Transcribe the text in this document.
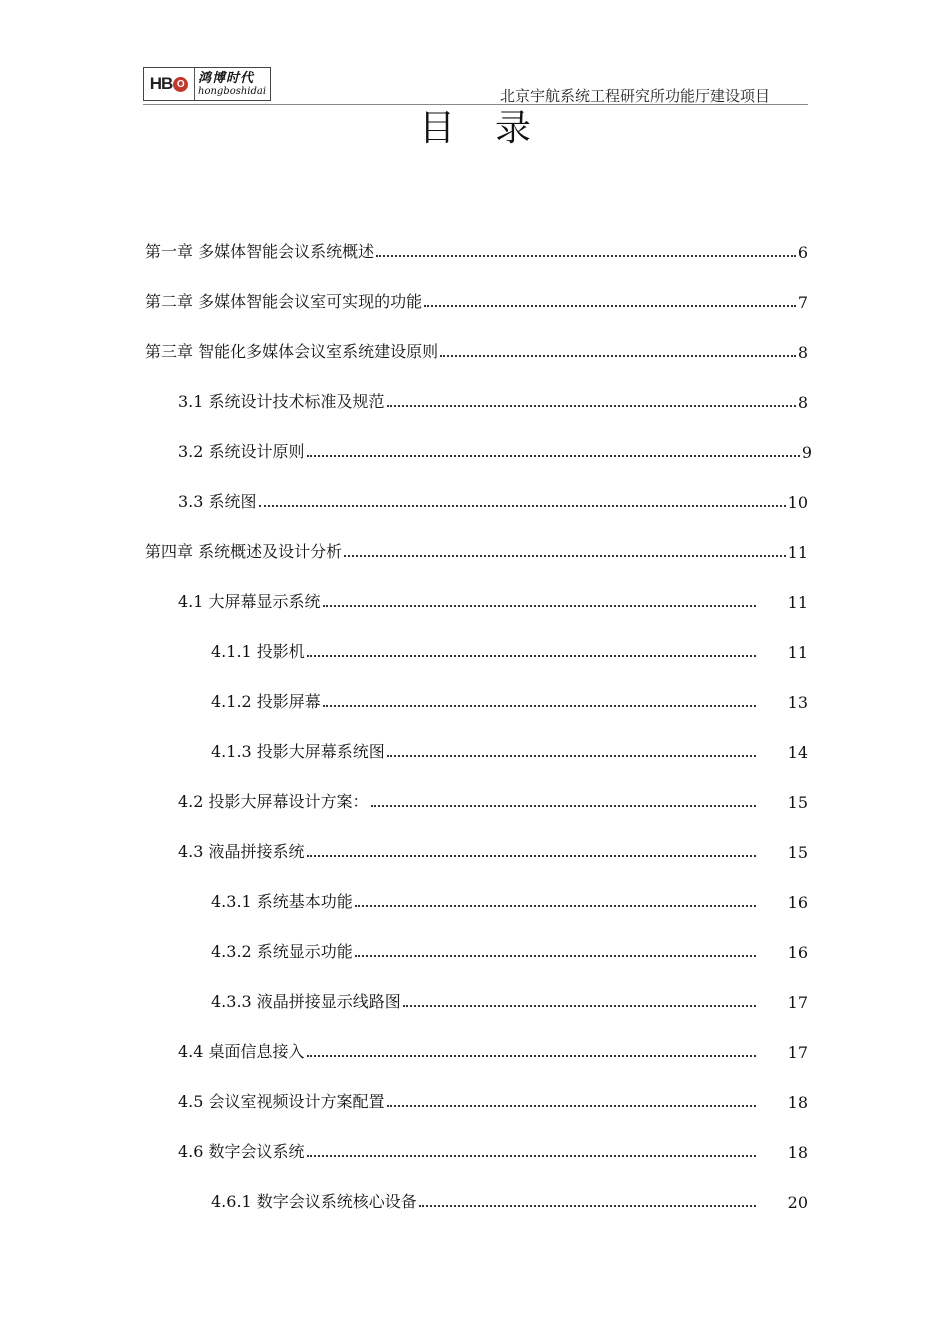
HB O 鸿博时代
hongboshidai	北京宇航系统工程研究所功能厅建设项目
目录
第一章 多媒体智能会议系统概述	6
第二章 多媒体智能会议室可实现的功能	7
第三章 智能化多媒体会议室系统建设原则	8
3.1 系统设计技术标准及规范	8
3.2 系统设计原则	9
3.3 系统图	10
第四章 系统概述及设计分析	11
4.1 大屏幕显示系统	11
4.1.1 投影机	11
4.1.2 投影屏幕	13
4.1.3 投影大屏幕系统图	14
4.2 投影大屏幕设计方案：	15
4.3 液晶拼接系统	15
4.3.1 系统基本功能	16
4.3.2 系统显示功能	16
4.3.3 液晶拼接显示线路图	17
4.4 桌面信息接入	17
4.5 会议室视频设计方案配置	18
4.6 数字会议系统	18
4.6.1 数字会议系统核心设备	20
